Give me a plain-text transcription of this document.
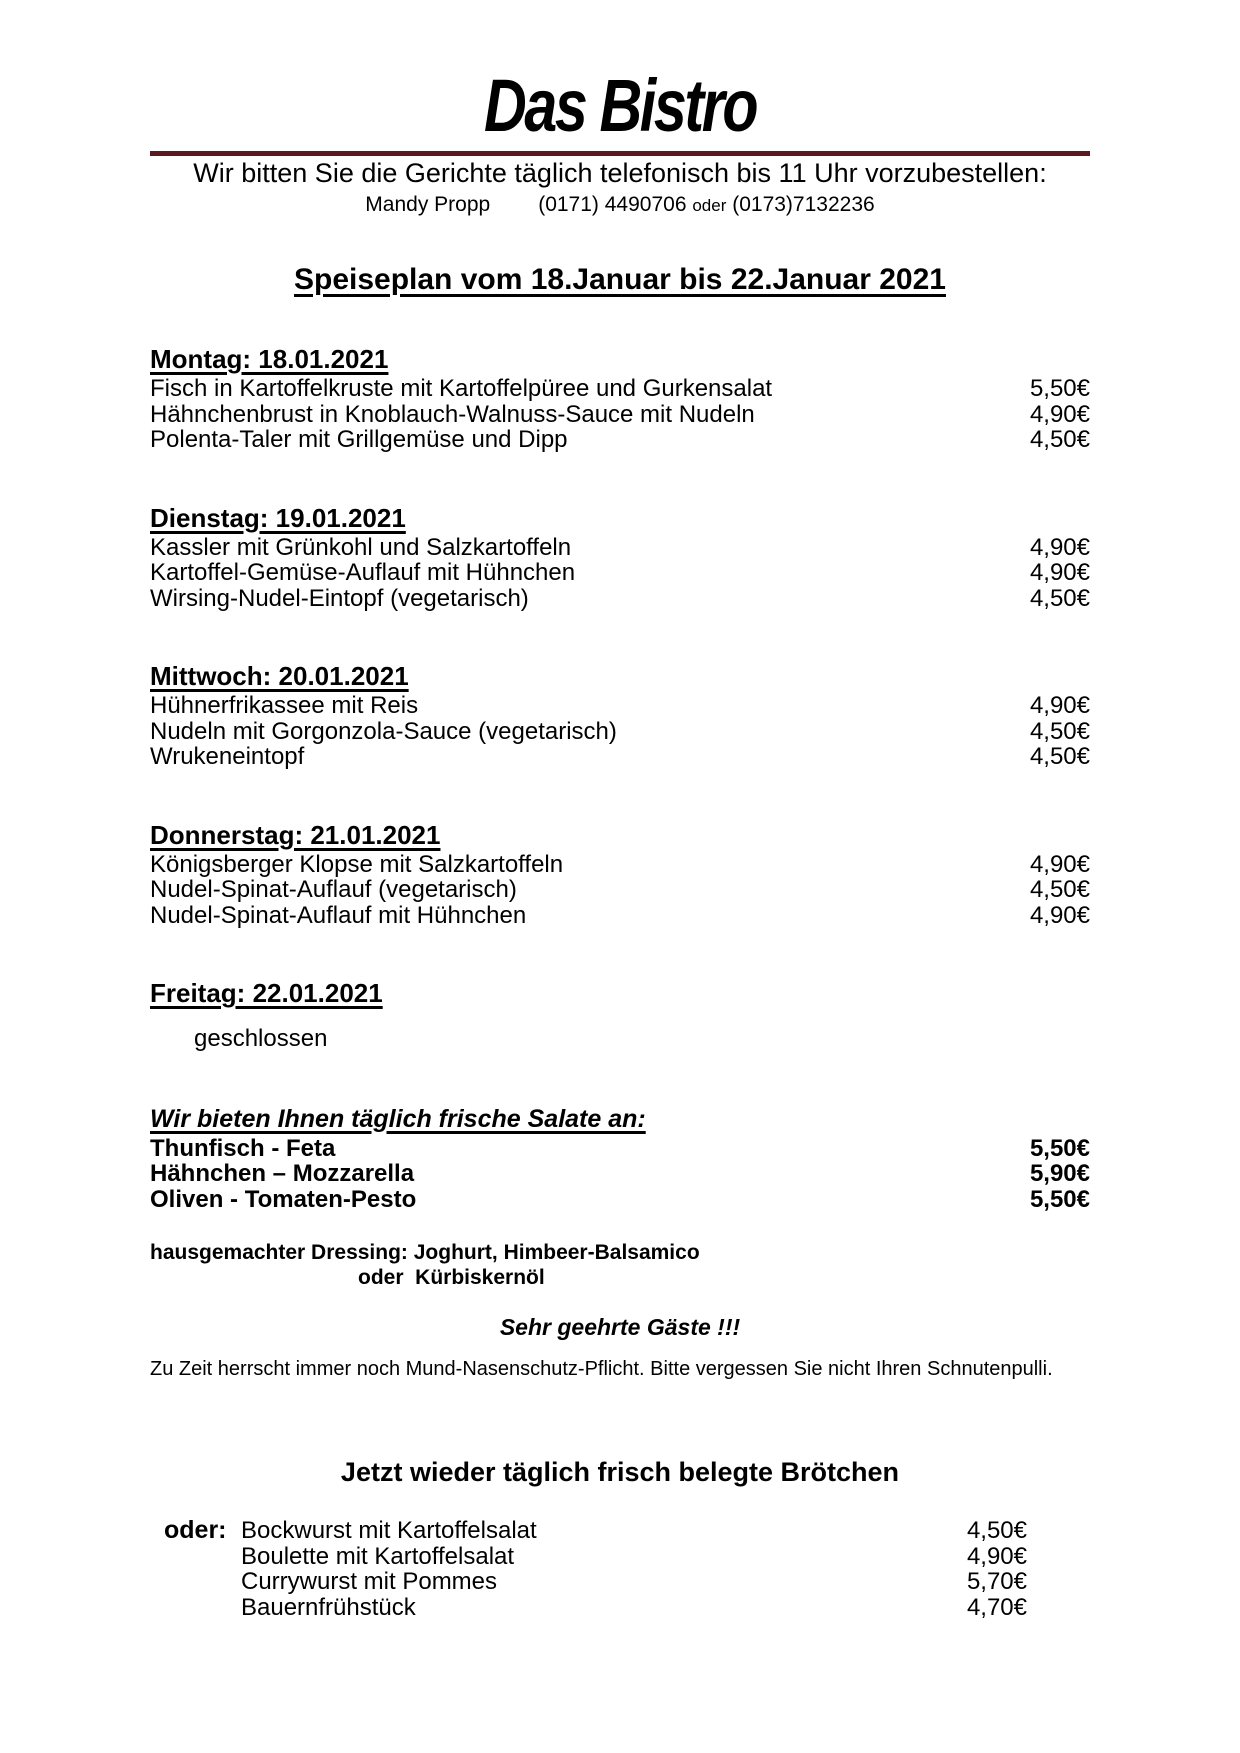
Das Bistro
Wir bitten Sie die Gerichte täglich telefonisch bis 11 Uhr vorzubestellen:
Mandy Propp (0171) 4490706 oder (0173)7132236
Speiseplan vom 18.Januar bis 22.Januar 2021
Montag: 18.01.2021
Fisch in Kartoffelkruste mit Kartoffelpüree und Gurkensalat	5,50€
Hähnchenbrust in Knoblauch-Walnuss-Sauce mit Nudeln	4,90€
Polenta-Taler mit Grillgemüse und Dipp	4,50€
Dienstag: 19.01.2021
Kassler mit Grünkohl und Salzkartoffeln	4,90€
Kartoffel-Gemüse-Auflauf mit Hühnchen	4,90€
Wirsing-Nudel-Eintopf (vegetarisch)	4,50€
Mittwoch: 20.01.2021
Hühnerfrikassee mit Reis	4,90€
Nudeln mit Gorgonzola-Sauce (vegetarisch)	4,50€
Wrukeneintopf	4,50€
Donnerstag: 21.01.2021
Königsberger Klopse mit Salzkartoffeln	4,90€
Nudel-Spinat-Auflauf (vegetarisch)	4,50€
Nudel-Spinat-Auflauf mit Hühnchen	4,90€
Freitag: 22.01.2021
geschlossen
Wir bieten Ihnen täglich frische Salate an:
Thunfisch - Feta	5,50€
Hähnchen – Mozzarella	5,90€
Oliven - Tomaten-Pesto	5,50€
hausgemachter Dressing: Joghurt, Himbeer-Balsamico
oder  Kürbiskernöl
Sehr geehrte Gäste !!!
Zu Zeit herrscht immer noch Mund-Nasenschutz-Pflicht. Bitte vergessen Sie nicht Ihren Schnutenpulli.
Jetzt wieder täglich frisch belegte Brötchen
oder: Bockwurst mit Kartoffelsalat	4,50€
Boulette mit Kartoffelsalat	4,90€
Currywurst mit Pommes	5,70€
Bauernfrühstück	4,70€
